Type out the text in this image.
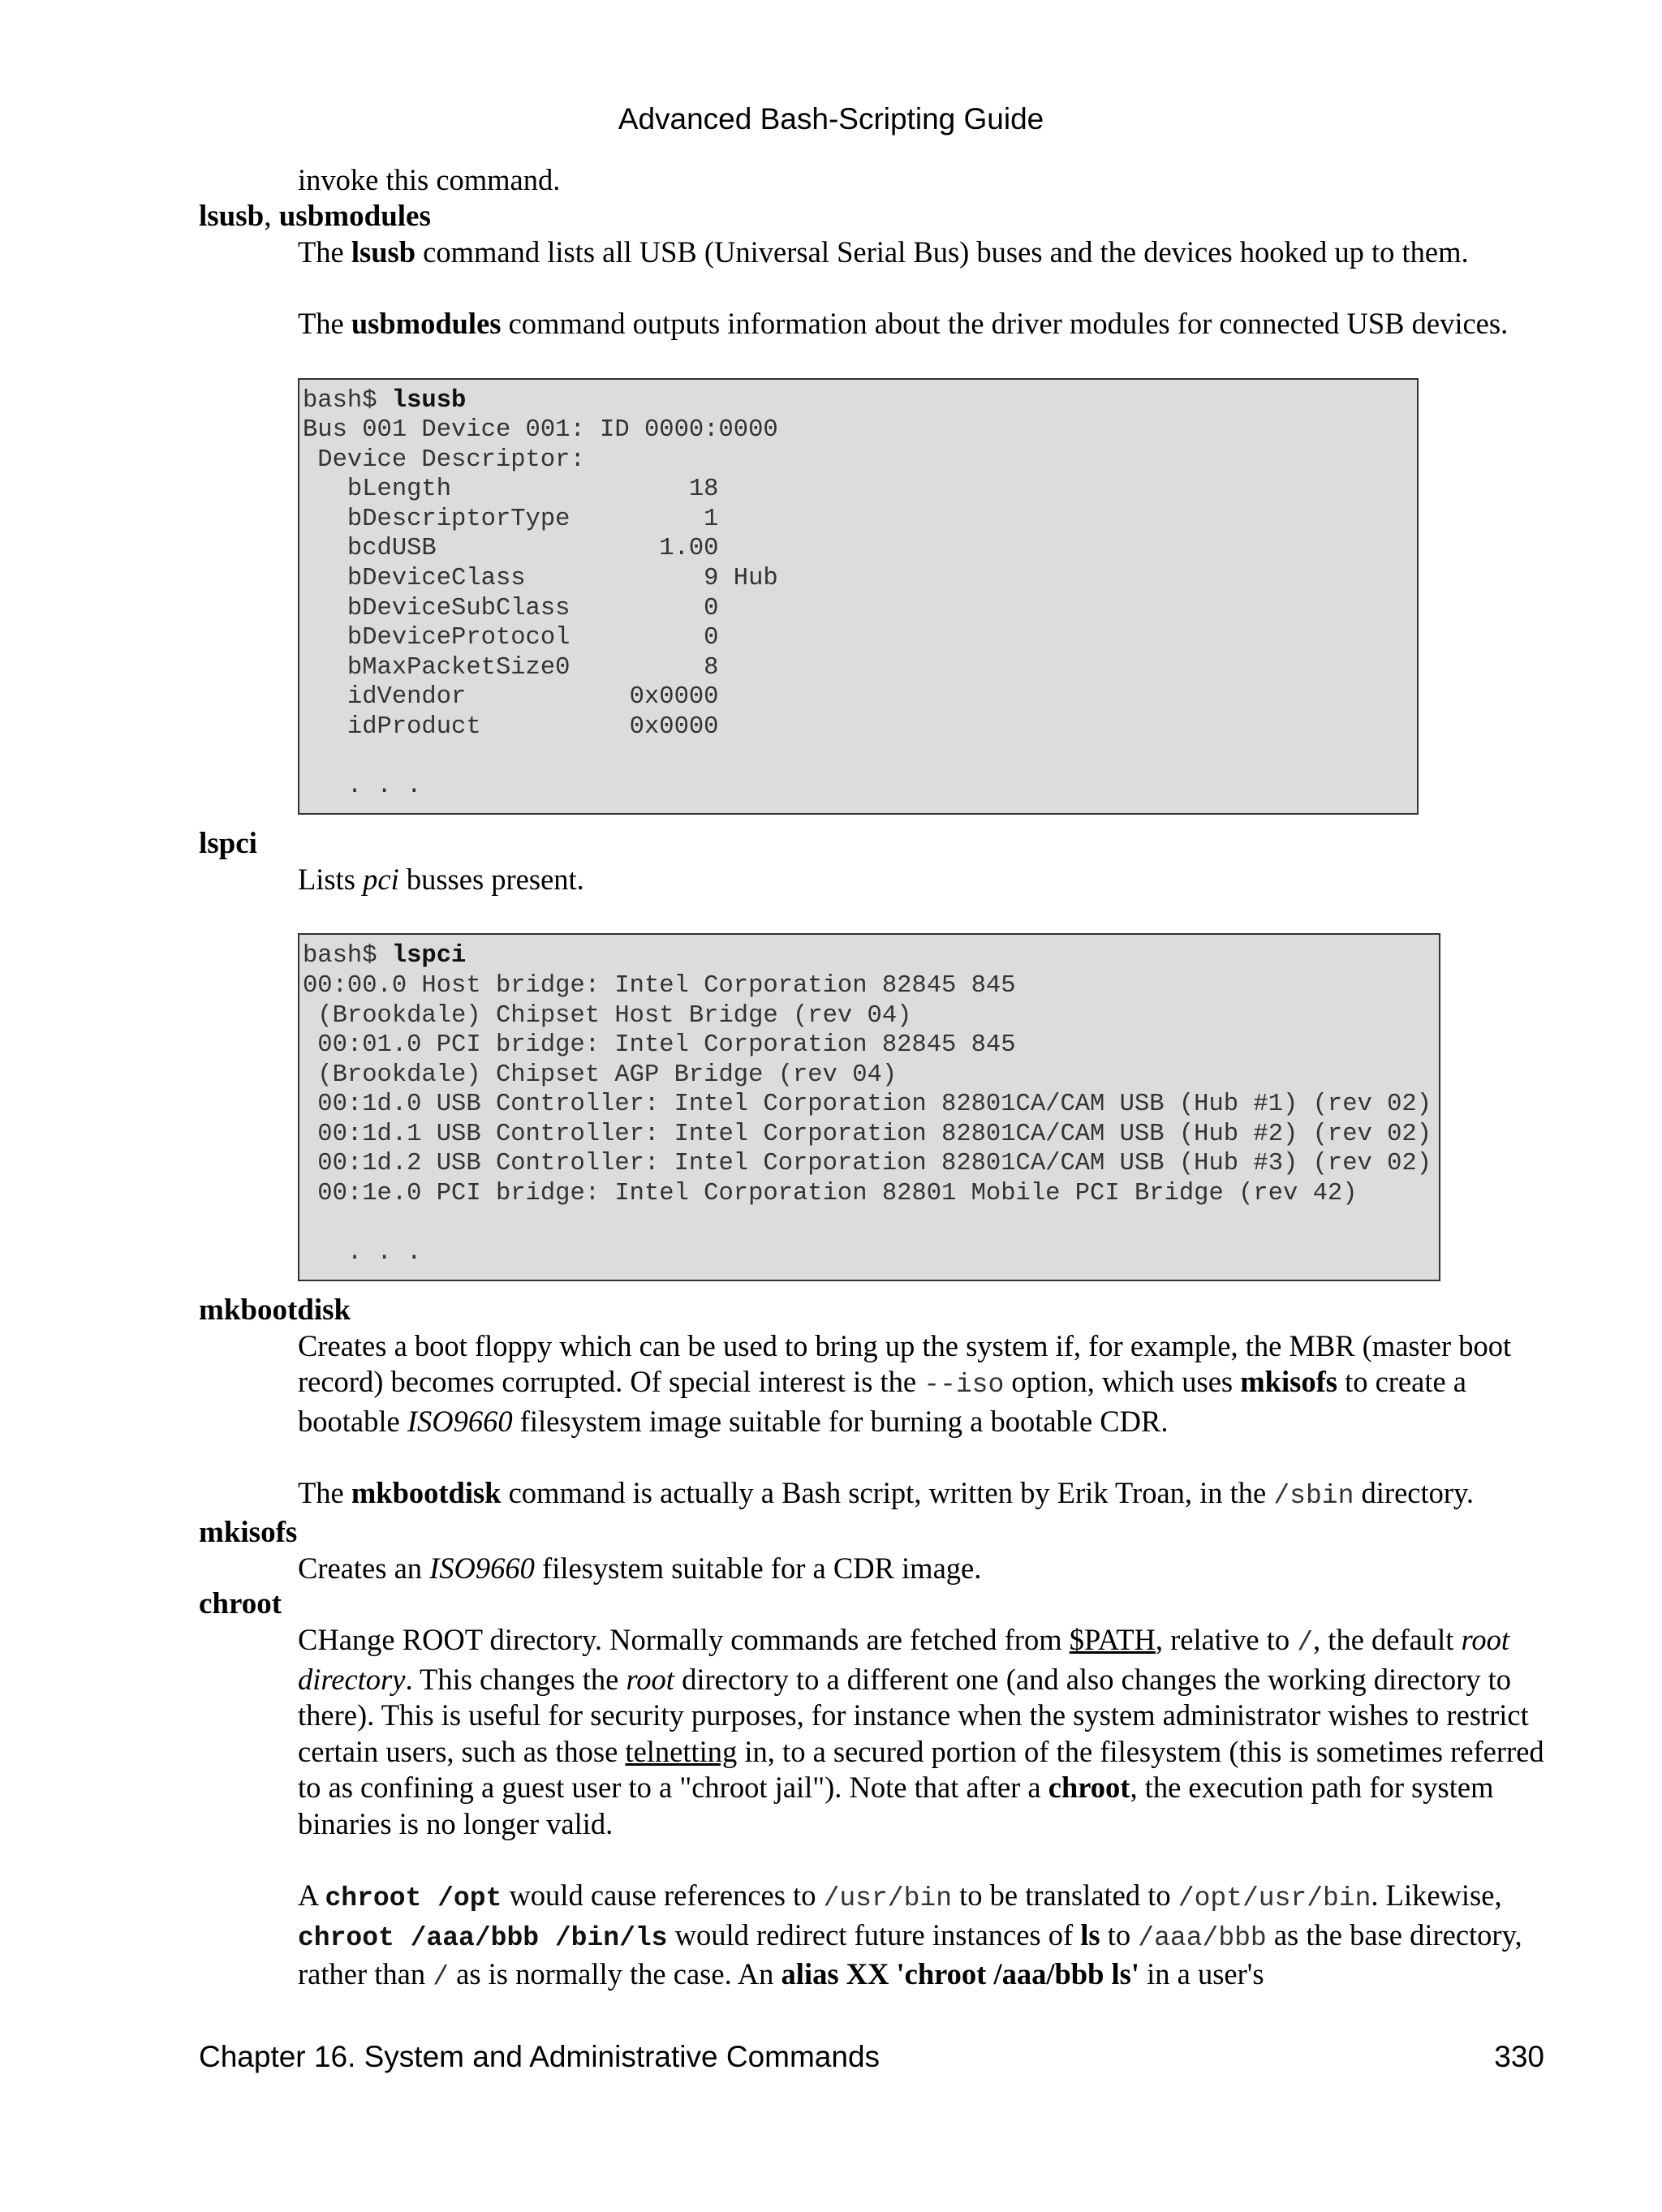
Advanced Bash-Scripting Guide

invoke this command.

lsusb, usbmodules

The lsusb command lists all USB (Universal Serial Bus) buses and the devices hooked up to them.

The usbmodules command outputs information about the driver modules for connected USB devices.

bash$ lsusb
Bus 001 Device 001: ID 0000:0000
Device Descriptor:
bLength                18
bDescriptorType         1
bcdUSB               1.00
bDeviceClass            9 Hub
bDeviceSubClass         0
bDeviceProtocol         0
bMaxPacketSize0         8
idVendor           0x0000
idProduct          0x0000

. . .
lspci

Lists pci busses present.

bash$ lspci
00:00.0 Host bridge: Intel Corporation 82845 845
(Brookdale) Chipset Host Bridge (rev 04)
00:01.0 PCI bridge: Intel Corporation 82845 845
(Brookdale) Chipset AGP Bridge (rev 04)
00:1d.0 USB Controller: Intel Corporation 82801CA/CAM USB (Hub #1) (rev 02)
00:1d.1 USB Controller: Intel Corporation 82801CA/CAM USB (Hub #2) (rev 02)
00:1d.2 USB Controller: Intel Corporation 82801CA/CAM USB (Hub #3) (rev 02)
00:1e.0 PCI bridge: Intel Corporation 82801 Mobile PCI Bridge (rev 42)

. . .
mkbootdisk

Creates a boot floppy which can be used to bring up the system if, for example, the MBR (master boot record) becomes corrupted. Of special interest is the --iso option, which uses mkisofs to create a bootable ISO9660 filesystem image suitable for burning a bootable CDR.

The mkbootdisk command is actually a Bash script, written by Erik Troan, in the /sbin directory.

mkisofs

Creates an ISO9660 filesystem suitable for a CDR image.

chroot

CHange ROOT directory. Normally commands are fetched from $PATH, relative to /, the default root directory. This changes the root directory to a different one (and also changes the working directory to there). This is useful for security purposes, for instance when the system administrator wishes to restrict certain users, such as those telnetting in, to a secured portion of the filesystem (this is sometimes referred to as confining a guest user to a "chroot jail"). Note that after a chroot, the execution path for system binaries is no longer valid.

A chroot /opt would cause references to /usr/bin to be translated to /opt/usr/bin. Likewise, chroot /aaa/bbb /bin/ls would redirect future instances of ls to /aaa/bbb as the base directory, rather than / as is normally the case. An alias XX 'chroot /aaa/bbb ls' in a user's

Chapter 16. System and Administrative Commands	330
